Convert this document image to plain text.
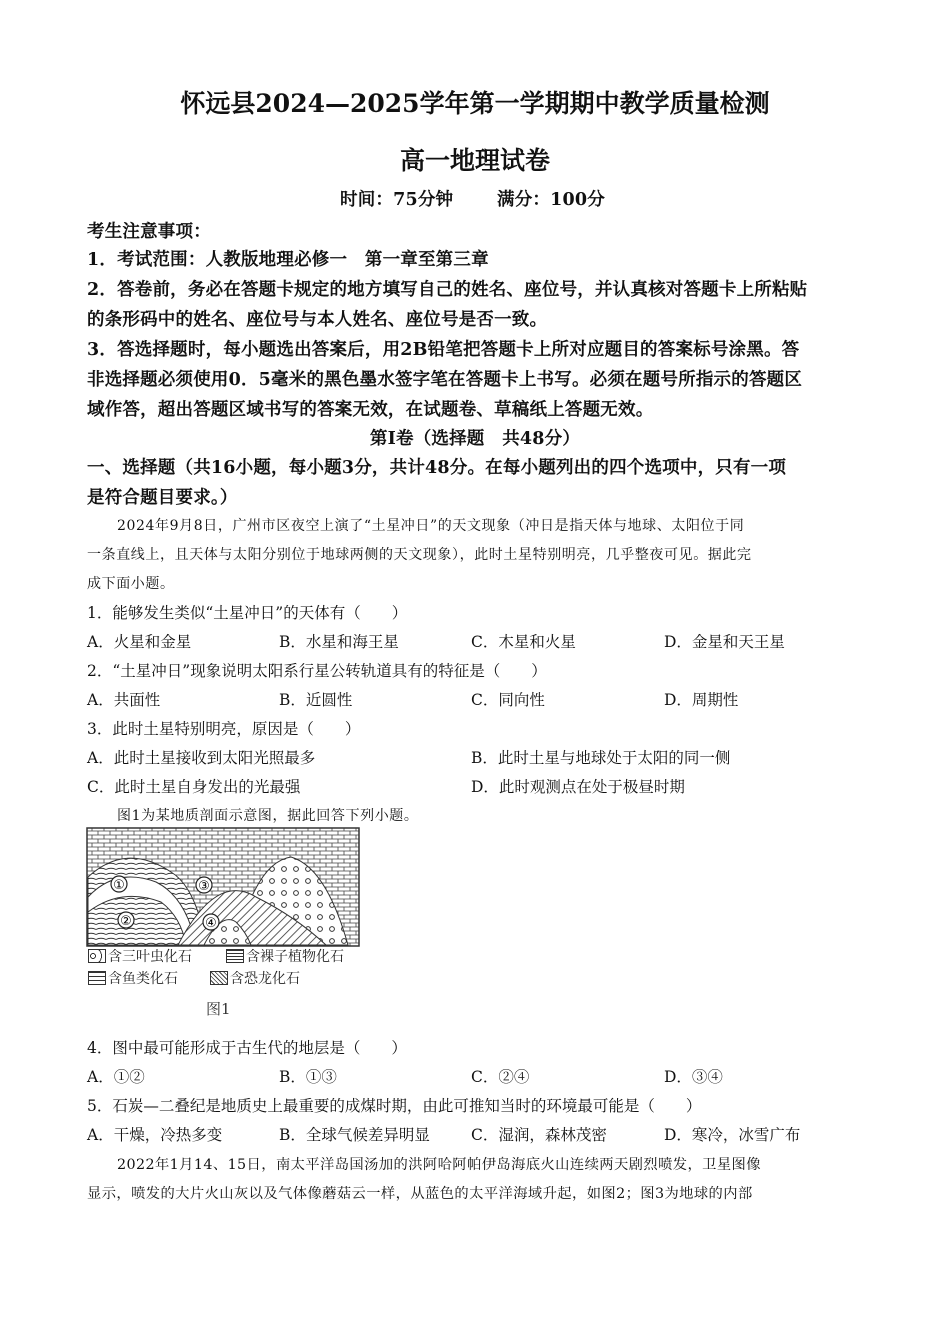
怀远县2024—2025学年第一学期期中教学质量检测
高一地理试卷
时间：75分钟 满分：100分
考生注意事项：
1．考试范围：人教版地理必修一　第一章至第三章
2．答卷前，务必在答题卡规定的地方填写自己的姓名、座位号，并认真核对答题卡上所粘贴
的条形码中的姓名、座位号与本人姓名、座位号是否一致。
3．答选择题时，每小题选出答案后，用2B铅笔把答题卡上所对应题目的答案标号涂黑。答
非选择题必须使用0．5毫米的黑色墨水签字笔在答题卡上书写。必须在题号所指示的答题区
域作答，超出答题区域书写的答案无效，在试题卷、草稿纸上答题无效。
第Ⅰ卷（选择题　共48分）
一、选择题（共16小题，每小题3分，共计48分。在每小题列出的四个选项中，只有一项
是符合题目要求。）
2024年9月8日，广州市区夜空上演了“土星冲日”的天文现象（冲日是指天体与地球、太阳位于同
一条直线上，且天体与太阳分别位于地球两侧的天文现象），此时土星特别明亮，几乎整夜可见。据此完
成下面小题。
1．能够发生类似“土星冲日”的天体有（　　）
A．火星和金星	B．水星和海王星	C．木星和火星	D．金星和天王星
2．“土星冲日”现象说明太阳系行星公转轨道具有的特征是（　　）
A．共面性	B．近圆性	C．同向性	D．周期性
3．此时土星特别明亮，原因是（　　）
A．此时土星接收到太阳光照最多	B．此时土星与地球处于太阳的同一侧
C．此时土星自身发出的光最强	D．此时观测点在处于极昼时期
图1为某地质剖面示意图，据此回答下列小题。
①
②
③
④
含三叶虫化石	含裸子植物化石
含鱼类化石	含恐龙化石
图1
4．图中最可能形成于古生代的地层是（　　）
A．①②	B．①③	C．②④	D．③④
5．石炭—二叠纪是地质史上最重要的成煤时期，由此可推知当时的环境最可能是（　　）
A．干燥，冷热多变	B．全球气候差异明显	C．湿润，森林茂密	D．寒冷，冰雪广布
2022年1月14、15日，南太平洋岛国汤加的洪阿哈阿帕伊岛海底火山连续两天剧烈喷发，卫星图像
显示，喷发的大片火山灰以及气体像蘑菇云一样，从蓝色的太平洋海域升起，如图2；图3为地球的内部
